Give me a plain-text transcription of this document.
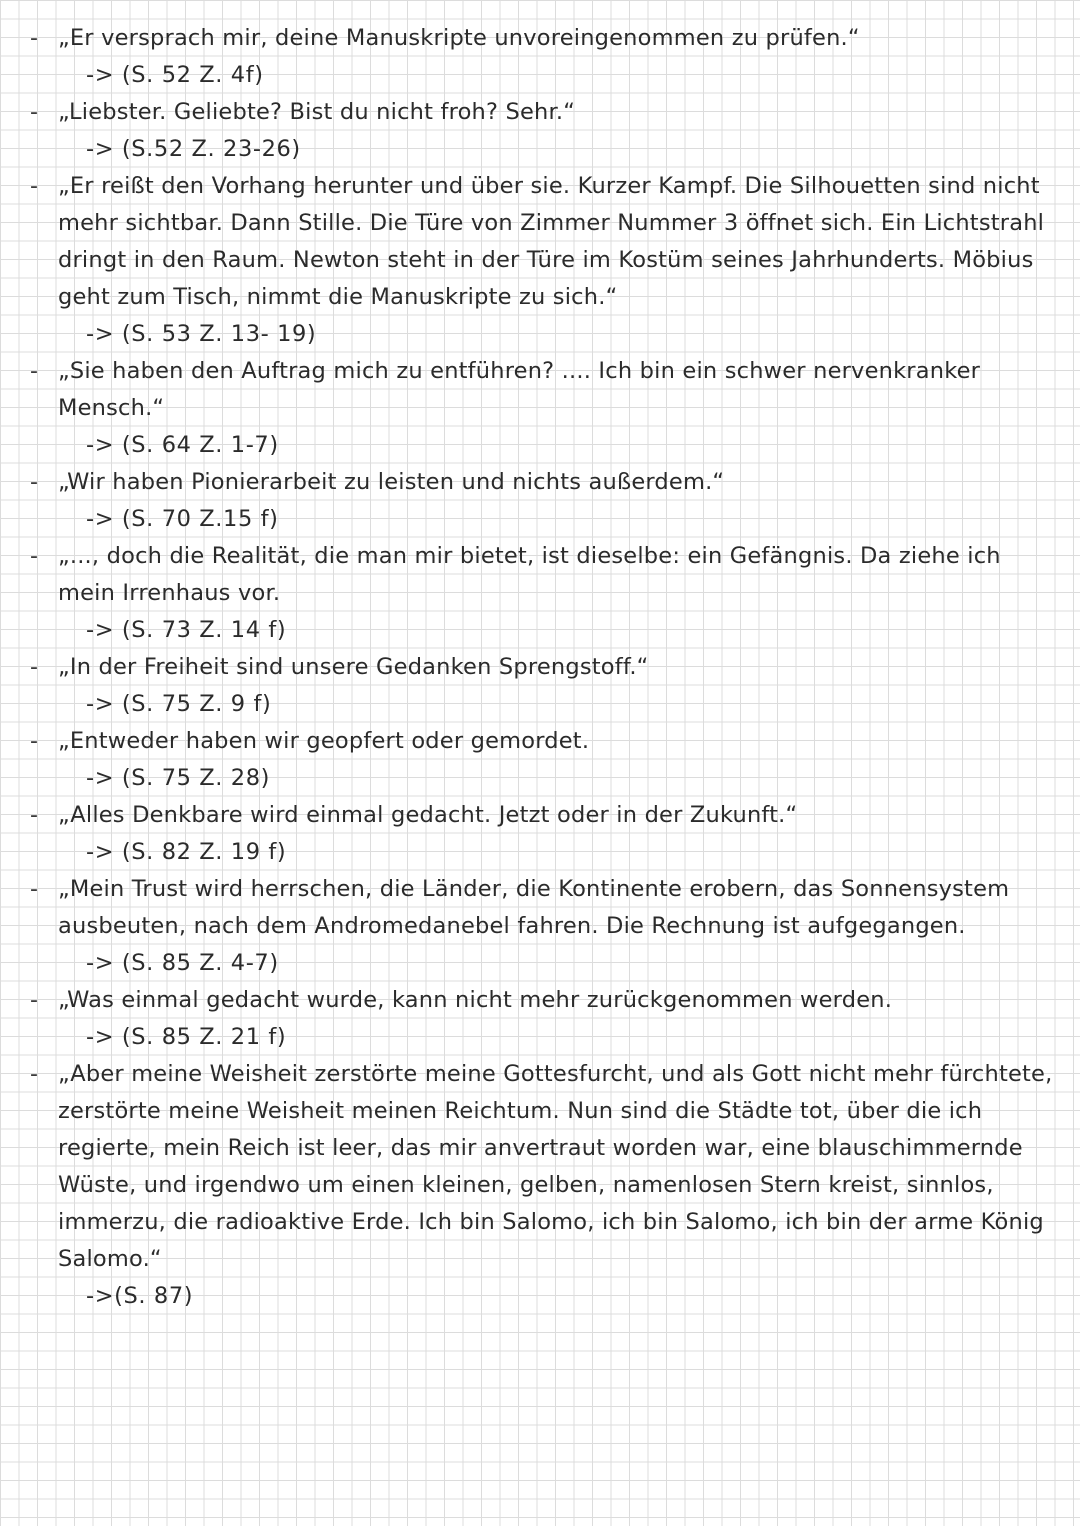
- „Er versprach mir, deine Manuskripte unvoreingenommen zu prüfen.“
-> (S. 52 Z. 4f)
- „Liebster. Geliebte? Bist du nicht froh? Sehr.“
-> (S.52 Z. 23-26)
- „Er reißt den Vorhang herunter und über sie. Kurzer Kampf. Die Silhouetten sind nicht mehr sichtbar. Dann Stille. Die Türe von Zimmer Nummer 3 öffnet sich. Ein Lichtstrahl dringt in den Raum. Newton steht in der Türe im Kostüm seines Jahrhunderts. Möbius geht zum Tisch, nimmt die Manuskripte zu sich.“
-> (S. 53 Z. 13- 19)
- „Sie haben den Auftrag mich zu entführen? .... Ich bin ein schwer nervenkranker Mensch.“
-> (S. 64 Z. 1-7)
- „Wir haben Pionierarbeit zu leisten und nichts außerdem.“
-> (S. 70 Z.15 f)
- „..., doch die Realität, die man mir bietet, ist dieselbe: ein Gefängnis. Da ziehe ich mein Irrenhaus vor.
-> (S. 73 Z. 14 f)
- „In der Freiheit sind unsere Gedanken Sprengstoff.“
-> (S. 75 Z. 9 f)
- „Entweder haben wir geopfert oder gemordet.
-> (S. 75 Z. 28)
- „Alles Denkbare wird einmal gedacht. Jetzt oder in der Zukunft.“
-> (S. 82 Z. 19 f)
- „Mein Trust wird herrschen, die Länder, die Kontinente erobern, das Sonnensystem ausbeuten, nach dem Andromedanebel fahren. Die Rechnung ist aufgegangen.
-> (S. 85 Z. 4-7)
- „Was einmal gedacht wurde, kann nicht mehr zurückgenommen werden.
-> (S. 85 Z. 21 f)
- „Aber meine Weisheit zerstörte meine Gottesfurcht, und als Gott nicht mehr fürchtete, zerstörte meine Weisheit meinen Reichtum. Nun sind die Städte tot, über die ich regierte, mein Reich ist leer, das mir anvertraut worden war, eine blauschimmernde Wüste, und irgendwo um einen kleinen, gelben, namenlosen Stern kreist, sinnlos, immerzu, die radioaktive Erde. Ich bin Salomo, ich bin Salomo, ich bin der arme König Salomo.“
->(S. 87)
